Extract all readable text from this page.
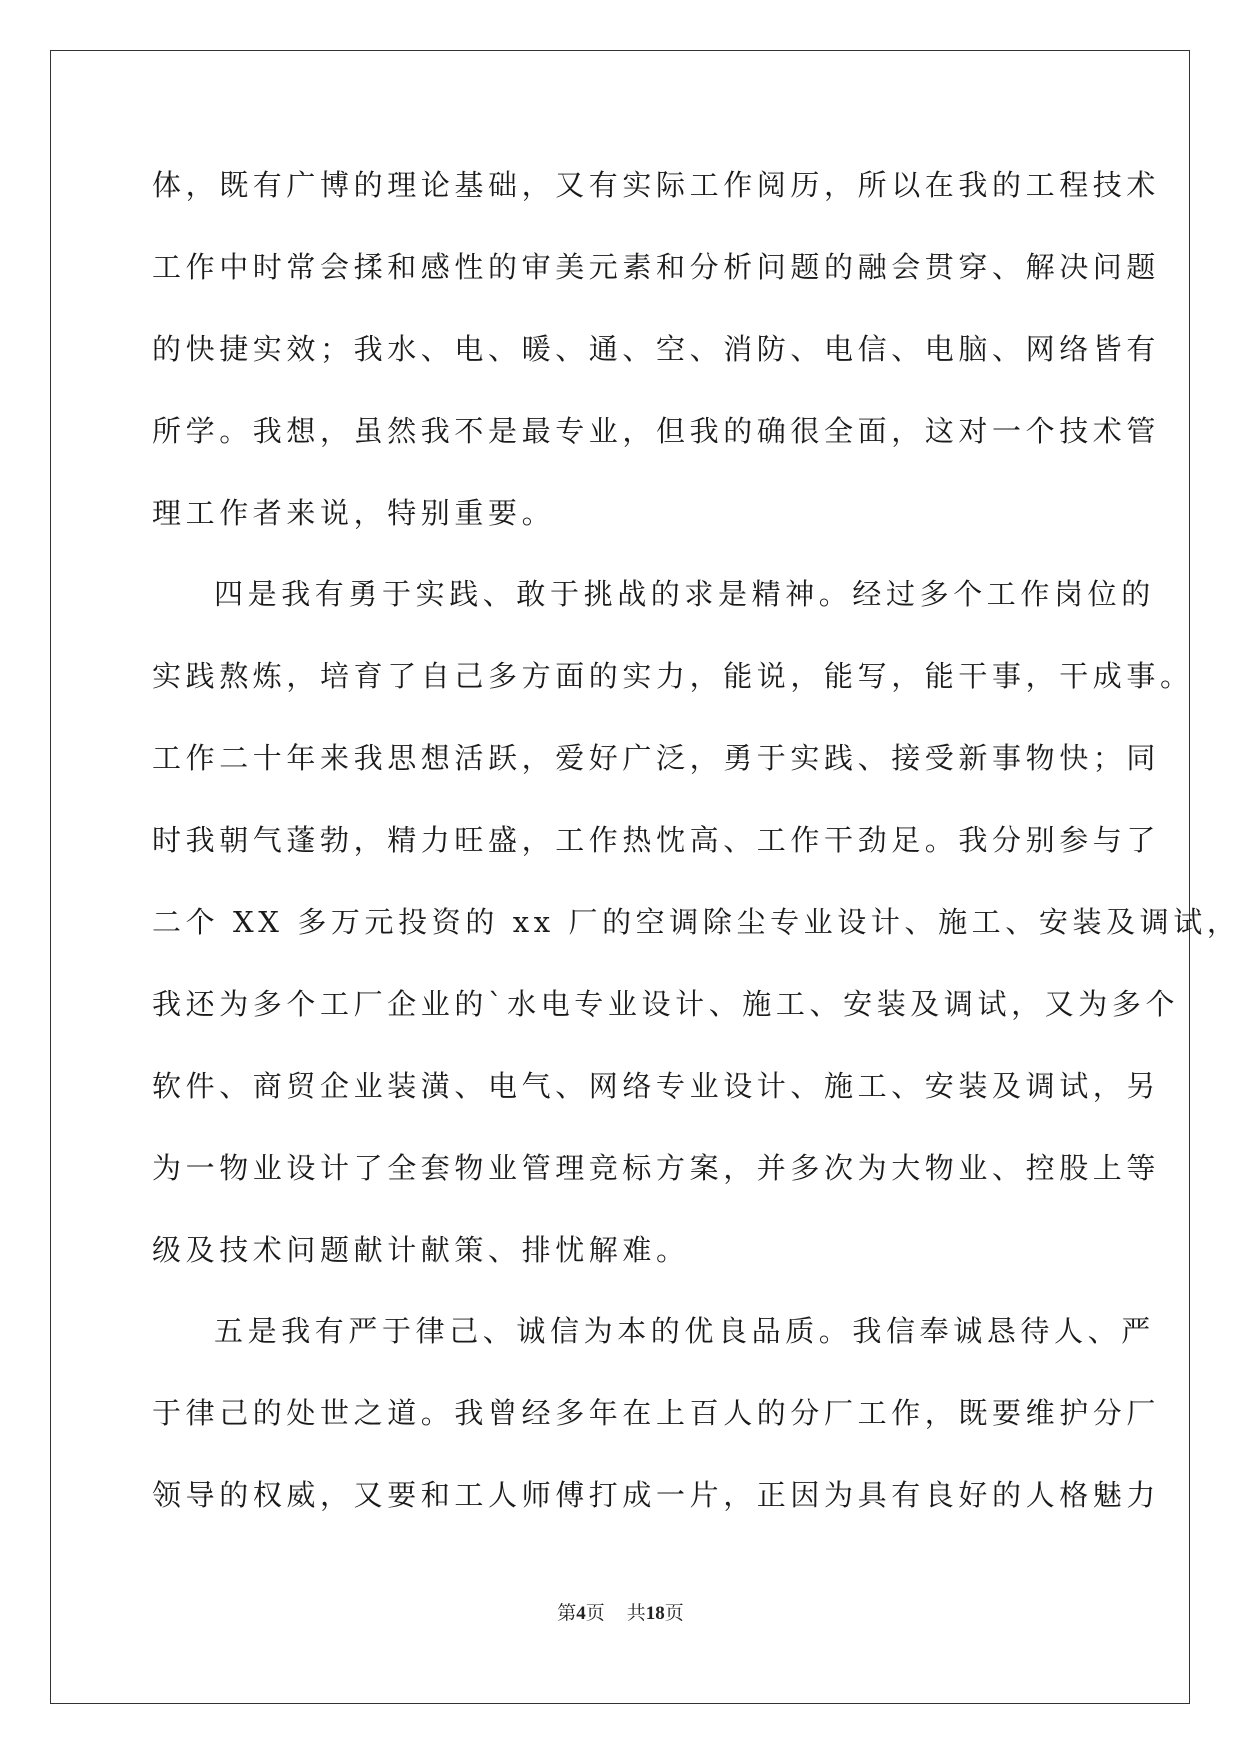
体，既有广博的理论基础，又有实际工作阅历，所以在我的工程技术
工作中时常会揉和感性的审美元素和分析问题的融会贯穿、解决问题
的快捷实效；我水、电、暖、通、空、消防、电信、电脑、网络皆有
所学。我想，虽然我不是最专业，但我的确很全面，这对一个技术管
理工作者来说，特别重要。
四是我有勇于实践、敢于挑战的求是精神。经过多个工作岗位的
实践熬炼，培育了自己多方面的实力，能说，能写，能干事，干成事。
工作二十年来我思想活跃，爱好广泛，勇于实践、接受新事物快；同
时我朝气蓬勃，精力旺盛，工作热忱高、工作干劲足。我分别参与了
二个 XX 多万元投资的 xx 厂的空调除尘专业设计、施工、安装及调试，
我还为多个工厂企业的`水电专业设计、施工、安装及调试，又为多个
软件、商贸企业装潢、电气、网络专业设计、施工、安装及调试，另
为一物业设计了全套物业管理竞标方案，并多次为大物业、控股上等
级及技术问题献计献策、排忧解难。
五是我有严于律己、诚信为本的优良品质。我信奉诚恳待人、严
于律己的处世之道。我曾经多年在上百人的分厂工作，既要维护分厂
领导的权威，又要和工人师傅打成一片，正因为具有良好的人格魅力
第4页 共18页
